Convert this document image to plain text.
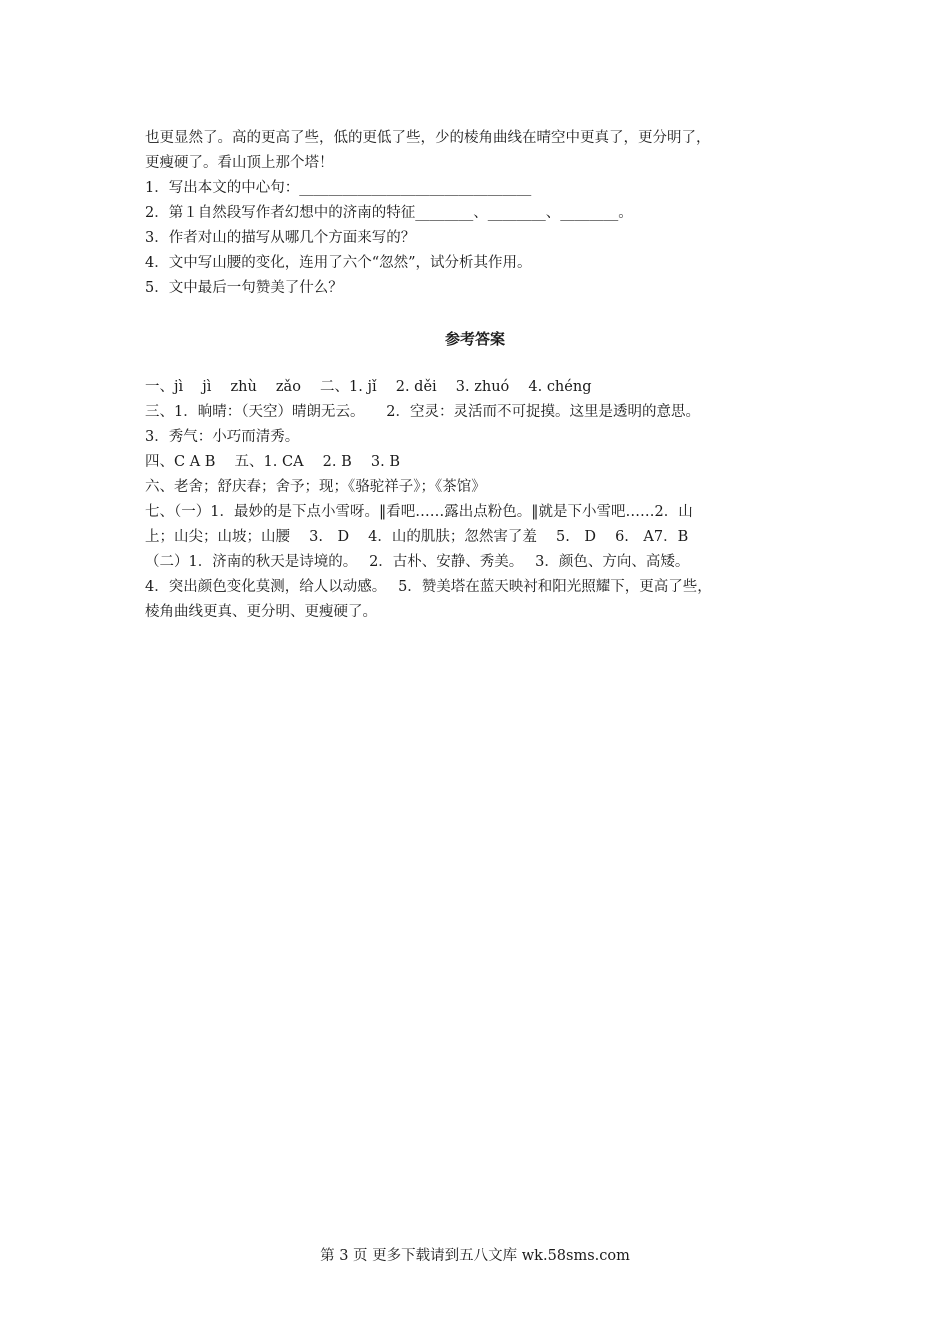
也更显然了。高的更高了些，低的更低了些，少的棱角曲线在晴空中更真了，更分明了，
更瘦硬了。看山顶上那个塔！
1．写出本文的中心句：________________________________
2．第１自然段写作者幻想中的济南的特征________、________、________。
3．作者对山的描写从哪几个方面来写的？
4．文中写山腰的变化，连用了六个“忽然”，试分析其作用。
5．文中最后一句赞美了什么？
参考答案
一、jì　 jì　 zhù　 zǎo　 二、1. jǐ　 2. děi　 3. zhuó　 4. chéng
三、1．晌晴：（天空）晴朗无云。　　2．空灵：灵活而不可捉摸。这里是透明的意思。
3．秀气：小巧而清秀。
四、C A B　 五、1. CA　 2. B　 3. B
六、老舍；舒庆春；舍予；现；《骆驼祥子》；《茶馆》
七、（一）1．最妙的是下点小雪呀。‖看吧……露出点粉色。‖就是下小雪吧……2．山
上；山尖；山坡；山腰　 3.　D　 4．山的肌肤；忽然害了羞　 5.　D　 6.　A7．B
（二）1．济南的秋天是诗境的。　 2．古朴、安静、秀美。　 3．颜色、方向、高矮。
4．突出颜色变化莫测，给人以动感。　 5．赞美塔在蓝天映衬和阳光照耀下，更高了些，
棱角曲线更真、更分明、更瘦硬了。
第 3 页 更多下载请到五八文库 wk.58sms.com
